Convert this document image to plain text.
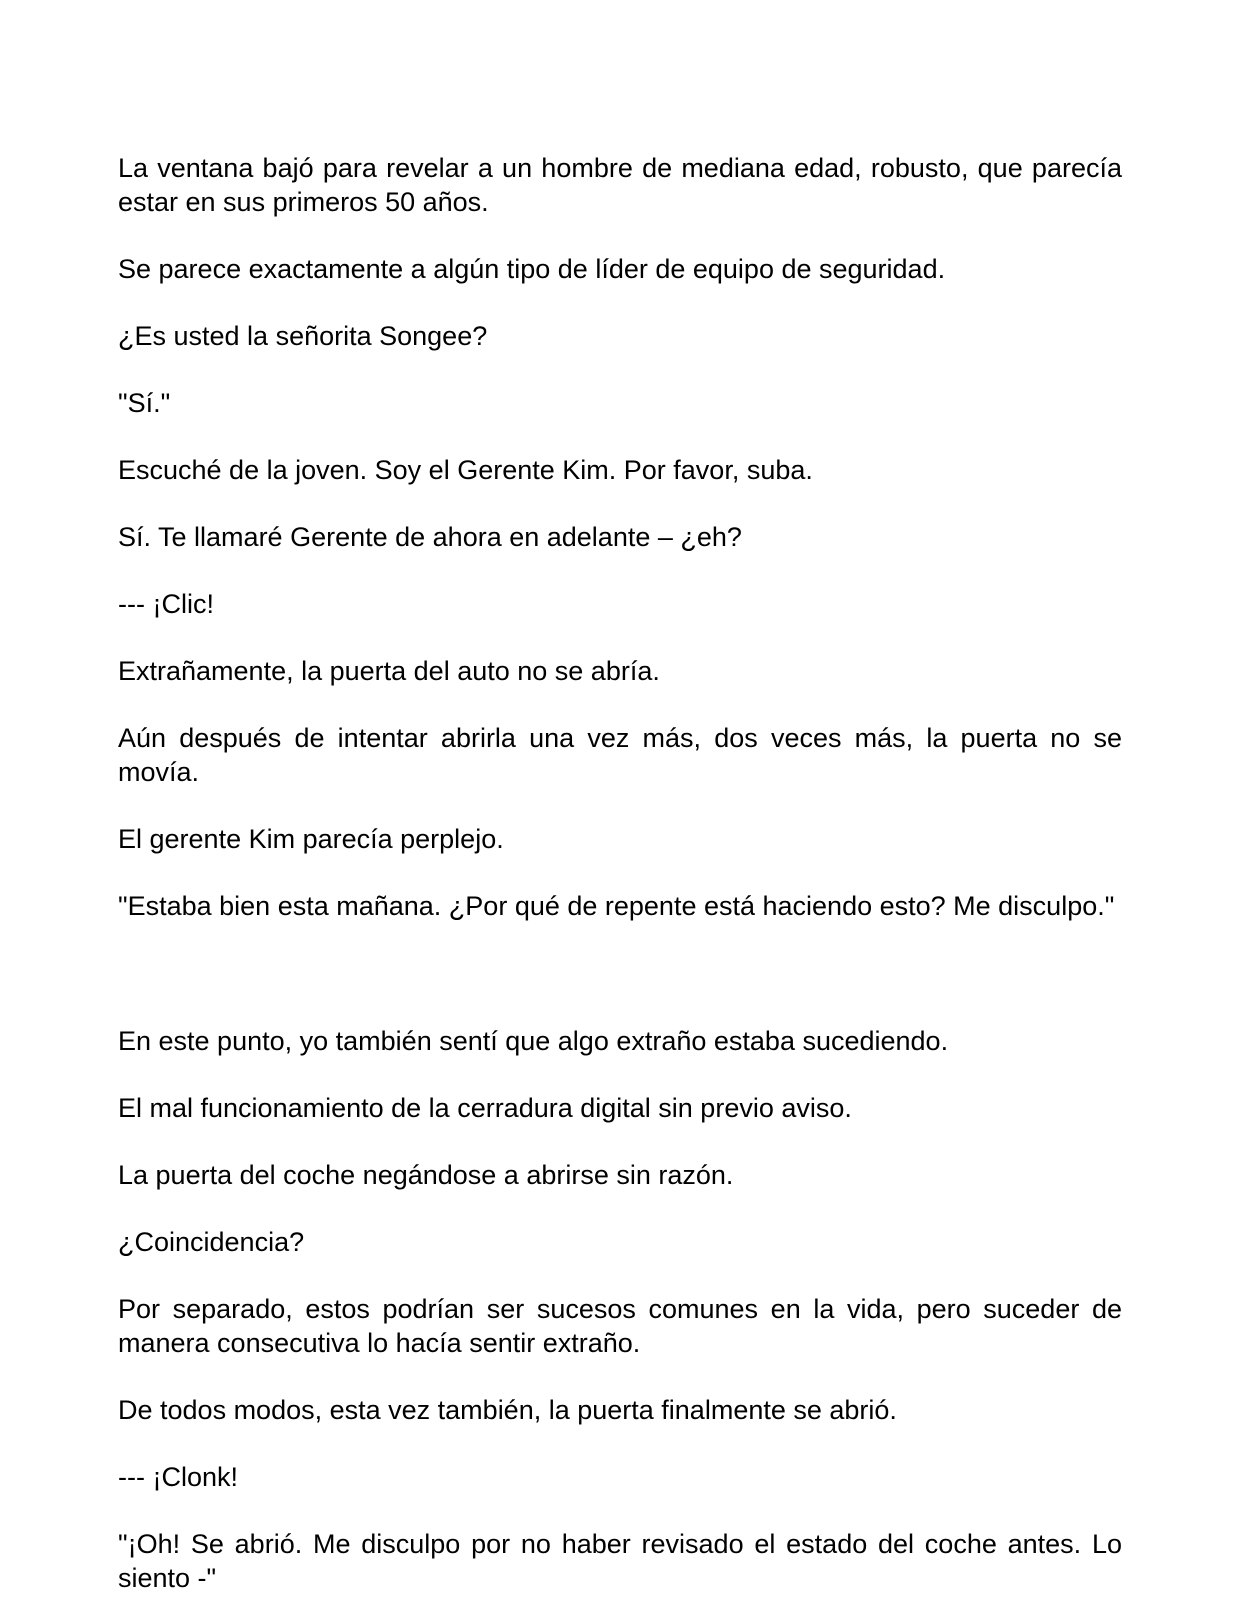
La ventana bajó para revelar a un hombre de mediana edad, robusto, que parecía estar en sus primeros 50 años.

Se parece exactamente a algún tipo de líder de equipo de seguridad.

¿Es usted la señorita Songee?

"Sí."

Escuché de la joven. Soy el Gerente Kim. Por favor, suba.

Sí. Te llamaré Gerente de ahora en adelante – ¿eh?

--- ¡Clic!

Extrañamente, la puerta del auto no se abría.

Aún después de intentar abrirla una vez más, dos veces más, la puerta no se movía.

El gerente Kim parecía perplejo.

"Estaba bien esta mañana. ¿Por qué de repente está haciendo esto? Me disculpo."

En este punto, yo también sentí que algo extraño estaba sucediendo.

El mal funcionamiento de la cerradura digital sin previo aviso.

La puerta del coche negándose a abrirse sin razón.

¿Coincidencia?

Por separado, estos podrían ser sucesos comunes en la vida, pero suceder de manera consecutiva lo hacía sentir extraño.

De todos modos, esta vez también, la puerta finalmente se abrió.

--- ¡Clonk!

"¡Oh! Se abrió. Me disculpo por no haber revisado el estado del coche antes. Lo siento -"
